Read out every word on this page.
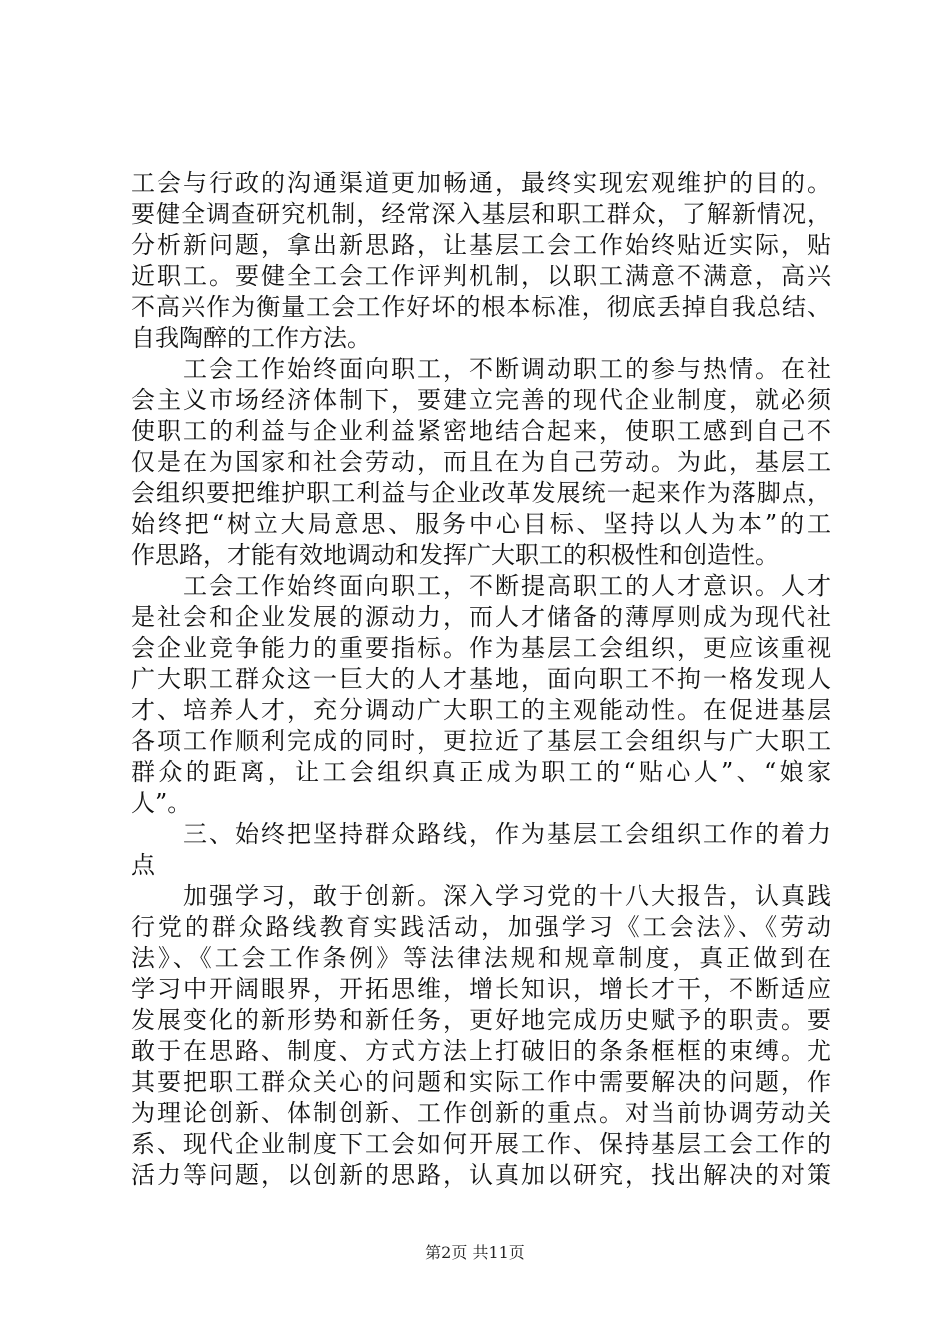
工会与行政的沟通渠道更加畅通，最终实现宏观维护的目的。
要健全调查研究机制，经常深入基层和职工群众，了解新情况，
分析新问题，拿出新思路，让基层工会工作始终贴近实际，贴
近职工。要健全工会工作评判机制，以职工满意不满意，高兴
不高兴作为衡量工会工作好坏的根本标准，彻底丢掉自我总结、
自我陶醉的工作方法。
　　工会工作始终面向职工，不断调动职工的参与热情。在社
会主义市场经济体制下，要建立完善的现代企业制度，就必须
使职工的利益与企业利益紧密地结合起来，使职工感到自己不
仅是在为国家和社会劳动，而且在为自己劳动。为此，基层工
会组织要把维护职工利益与企业改革发展统一起来作为落脚点，
始终把“树立大局意思、服务中心目标、坚持以人为本”的工
作思路，才能有效地调动和发挥广大职工的积极性和创造性。
　　工会工作始终面向职工，不断提高职工的人才意识。人才
是社会和企业发展的源动力，而人才储备的薄厚则成为现代社
会企业竞争能力的重要指标。作为基层工会组织，更应该重视
广大职工群众这一巨大的人才基地，面向职工不拘一格发现人
才、培养人才，充分调动广大职工的主观能动性。在促进基层
各项工作顺利完成的同时，更拉近了基层工会组织与广大职工
群众的距离，让工会组织真正成为职工的“贴心人”、“娘家
人”。
　　三、始终把坚持群众路线，作为基层工会组织工作的着力
点
　　加强学习，敢于创新。深入学习党的十八大报告，认真践
行党的群众路线教育实践活动，加强学习《工会法》、《劳动
法》、《工会工作条例》等法律法规和规章制度，真正做到在
学习中开阔眼界，开拓思维，增长知识，增长才干，不断适应
发展变化的新形势和新任务，更好地完成历史赋予的职责。要
敢于在思路、制度、方式方法上打破旧的条条框框的束缚。尤
其要把职工群众关心的问题和实际工作中需要解决的问题，作
为理论创新、体制创新、工作创新的重点。对当前协调劳动关
系、现代企业制度下工会如何开展工作、保持基层工会工作的
活力等问题，以创新的思路，认真加以研究，找出解决的对策
第2页 共11页
